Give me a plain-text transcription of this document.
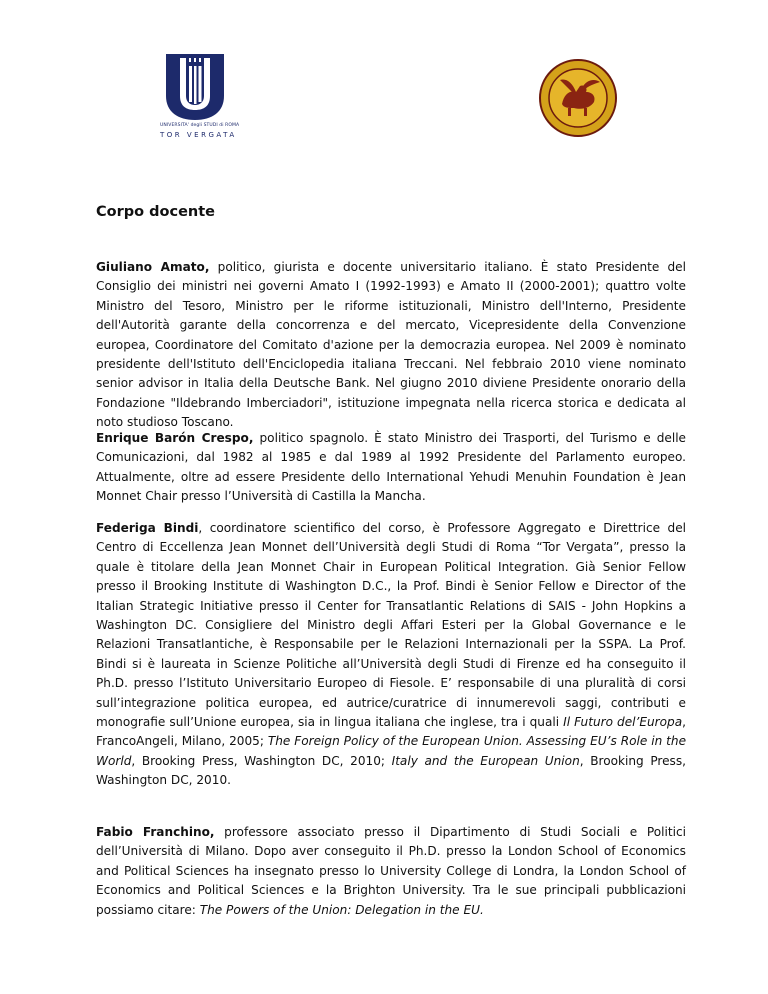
UNIVERSITA' degli STUDI di ROMA
TOR VERGATA
Corpo docente

Giuliano Amato, politico, giurista e docente universitario italiano. È stato Presidente del Consiglio dei ministri nei governi Amato I (1992-1993) e Amato II (2000-2001); quattro volte Ministro del Tesoro, Ministro per le riforme istituzionali, Ministro dell'Interno, Presidente dell'Autorità garante della concorrenza e del mercato, Vicepresidente della Convenzione europea, Coordinatore del Comitato d'azione per la democrazia europea. Nel 2009 è nominato presidente dell'Istituto dell'Enciclopedia italiana Treccani. Nel febbraio 2010 viene nominato senior advisor in Italia della Deutsche Bank. Nel giugno 2010 diviene Presidente onorario della Fondazione "Ildebrando Imberciadori", istituzione impegnata nella ricerca storica e dedicata al noto studioso Toscano.

Enrique Barón Crespo, politico spagnolo. È stato Ministro dei Trasporti, del Turismo e delle Comunicazioni, dal 1982 al 1985 e dal 1989 al 1992 Presidente del Parlamento europeo. Attualmente, oltre ad essere Presidente dello International Yehudi Menuhin Foundation è Jean Monnet Chair presso l’Università di Castilla la Mancha.

Federiga Bindi, coordinatore scientifico del corso, è Professore Aggregato e Direttrice del Centro di Eccellenza Jean Monnet dell’Università degli Studi di Roma “Tor Vergata”, presso la quale è titolare della Jean Monnet Chair in European Political Integration. Già Senior Fellow presso il Brooking Institute di Washington D.C., la Prof. Bindi è Senior Fellow e Director of the Italian Strategic Initiative presso il Center for Transatlantic Relations di SAIS - John Hopkins a Washington DC. Consigliere del Ministro degli Affari Esteri per la Global Governance e le Relazioni Transatlantiche, è Responsabile per le Relazioni Internazionali per la SSPA. La Prof. Bindi si è laureata in Scienze Politiche all’Università degli Studi di Firenze ed ha conseguito il Ph.D. presso l’Istituto Universitario Europeo di Fiesole. E’ responsabile di una pluralità di corsi sull’integrazione politica europea, ed autrice/curatrice di innumerevoli saggi, contributi e monografie sull’Unione europea, sia in lingua italiana che inglese, tra i quali Il Futuro del’Europa, FrancoAngeli, Milano, 2005; The Foreign Policy of the European Union. Assessing EU’s Role in the World, Brooking Press, Washington DC, 2010; Italy and the European Union, Brooking Press, Washington DC, 2010.

Fabio Franchino, professore associato presso il Dipartimento di Studi Sociali e Politici dell’Università di Milano. Dopo aver conseguito il Ph.D. presso la London School of Economics and Political Sciences ha insegnato presso lo University College di Londra, la London School of Economics and Political Sciences e la Brighton University. Tra le sue principali pubblicazioni possiamo citare: The Powers of the Union: Delegation in the EU.
